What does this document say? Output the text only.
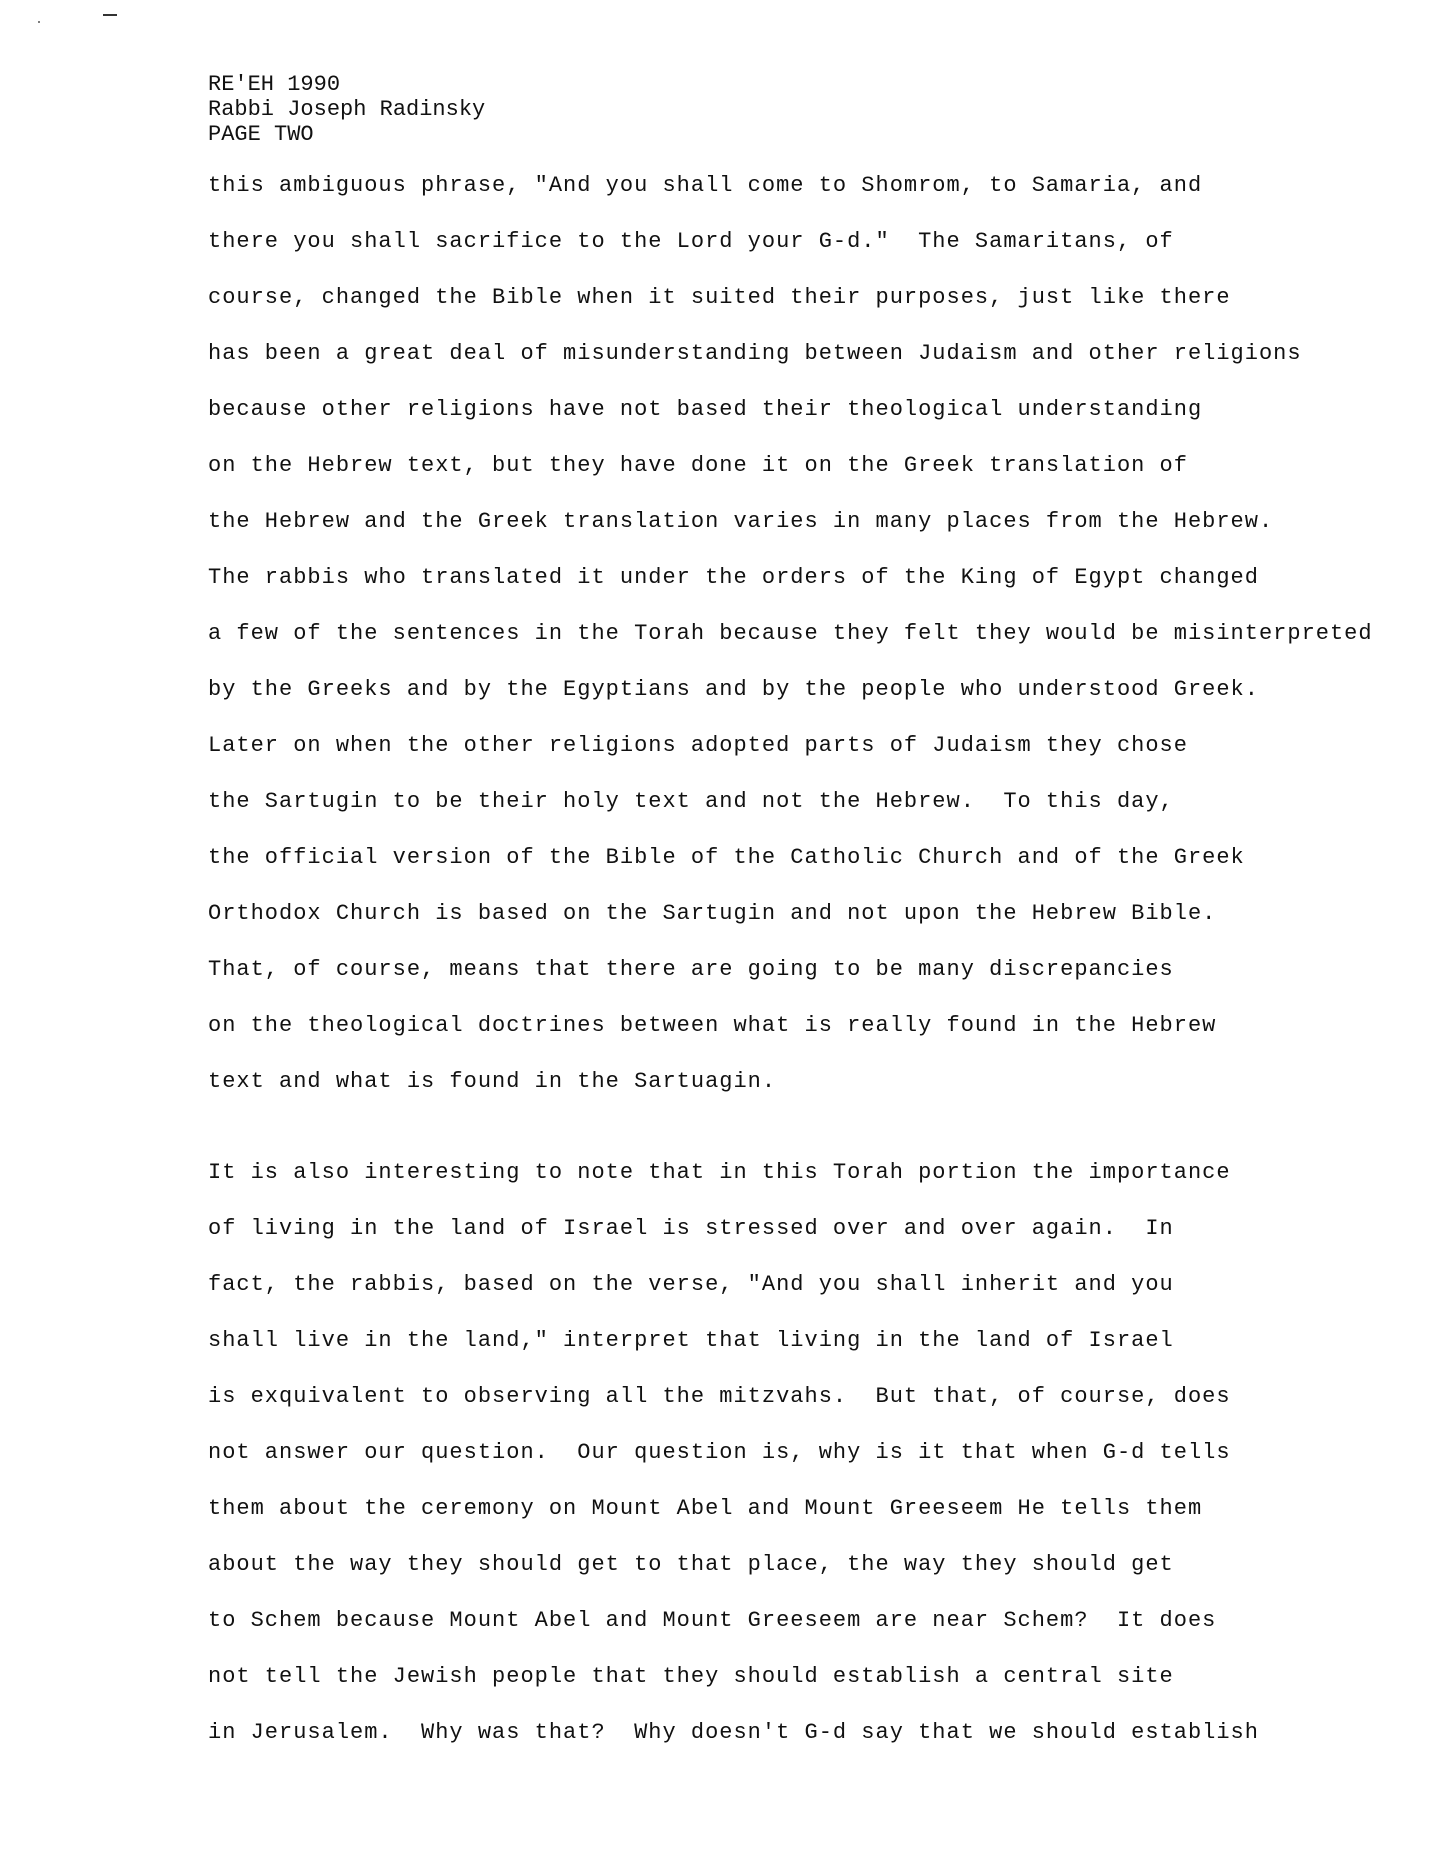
RE'EH 1990
Rabbi Joseph Radinsky
PAGE TWO
this ambiguous phrase, "And you shall come to Shomrom, to Samaria, and
there you shall sacrifice to the Lord your G-d."  The Samaritans, of
course, changed the Bible when it suited their purposes, just like there
has been a great deal of misunderstanding between Judaism and other religions
because other religions have not based their theological understanding
on the Hebrew text, but they have done it on the Greek translation of
the Hebrew and the Greek translation varies in many places from the Hebrew.
The rabbis who translated it under the orders of the King of Egypt changed
a few of the sentences in the Torah because they felt they would be misinterpreted
by the Greeks and by the Egyptians and by the people who understood Greek.
Later on when the other religions adopted parts of Judaism they chose
the Sartugin to be their holy text and not the Hebrew.  To this day,
the official version of the Bible of the Catholic Church and of the Greek
Orthodox Church is based on the Sartugin and not upon the Hebrew Bible.
That, of course, means that there are going to be many discrepancies
on the theological doctrines between what is really found in the Hebrew
text and what is found in the Sartuagin.
It is also interesting to note that in this Torah portion the importance
of living in the land of Israel is stressed over and over again.  In
fact, the rabbis, based on the verse, "And you shall inherit and you
shall live in the land," interpret that living in the land of Israel
is exquivalent to observing all the mitzvahs.  But that, of course, does
not answer our question.  Our question is, why is it that when G-d tells
them about the ceremony on Mount Abel and Mount Greeseem He tells them
about the way they should get to that place, the way they should get
to Schem because Mount Abel and Mount Greeseem are near Schem?  It does
not tell the Jewish people that they should establish a central site
in Jerusalem.  Why was that?  Why doesn't G-d say that we should establish
